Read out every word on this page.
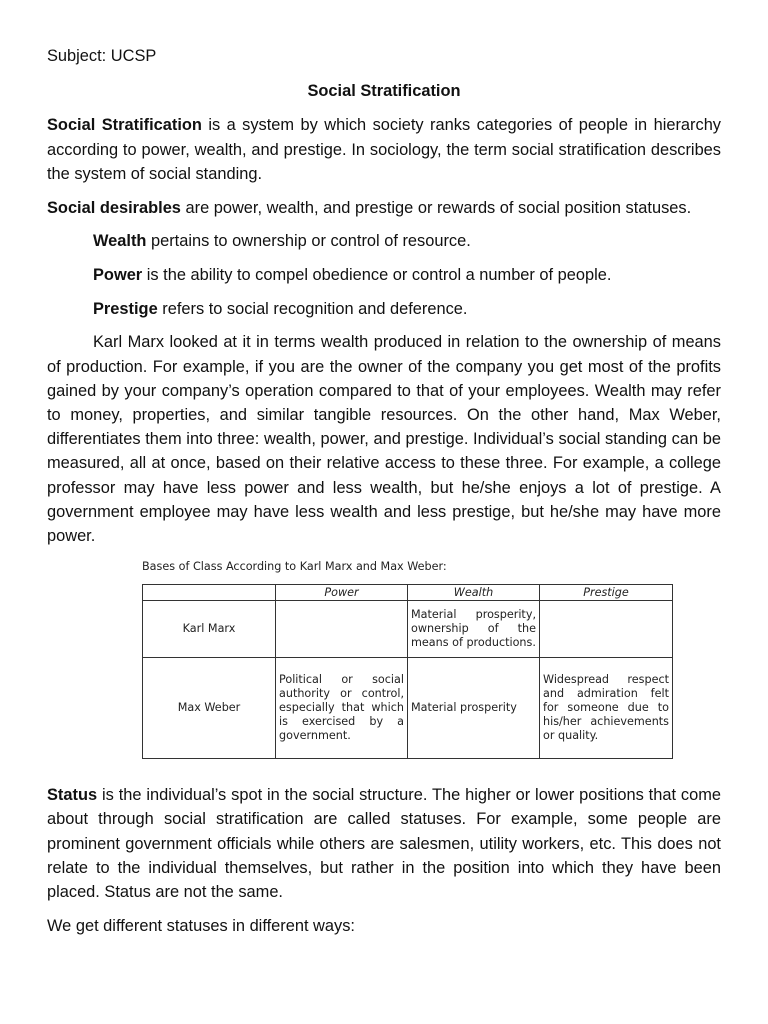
Subject: UCSP

Social Stratification

Social Stratification is a system by which society ranks categories of people in hierarchy according to power, wealth, and prestige. In sociology, the term social stratification describes the system of social standing.

Social desirables are power, wealth, and prestige or rewards of social position statuses.

Wealth pertains to ownership or control of resource.

Power is the ability to compel obedience or control a number of people.

Prestige refers to social recognition and deference.

Karl Marx looked at it in terms wealth produced in relation to the ownership of means of production. For example, if you are the owner of the company you get most of the profits gained by your company’s operation compared to that of your employees. Wealth may refer to money, properties, and similar tangible resources. On the other hand, Max Weber, differentiates them into three: wealth, power, and prestige. Individual’s social standing can be measured, all at once, based on their relative access to these three. For example, a college professor may have less power and less wealth, but he/she enjoys a lot of prestige. A government employee may have less wealth and less prestige, but he/she may have more power.

Bases of Class According to Karl Marx and Max Weber:

	Power	Wealth	Prestige
Karl Marx		Material prosperity, ownership of the means of productions.	
Max Weber	Political or social authority or control, especially that which is exercised by a government.	Material prosperity	Widespread respect and admiration felt for someone due to his/her achievements or quality.

Status is the individual’s spot in the social structure. The higher or lower positions that come about through social stratification are called statuses. For example, some people are prominent government officials while others are salesmen, utility workers, etc. This does not relate to the individual themselves, but rather in the position into which they have been placed. Status are not the same.

We get different statuses in different ways:
